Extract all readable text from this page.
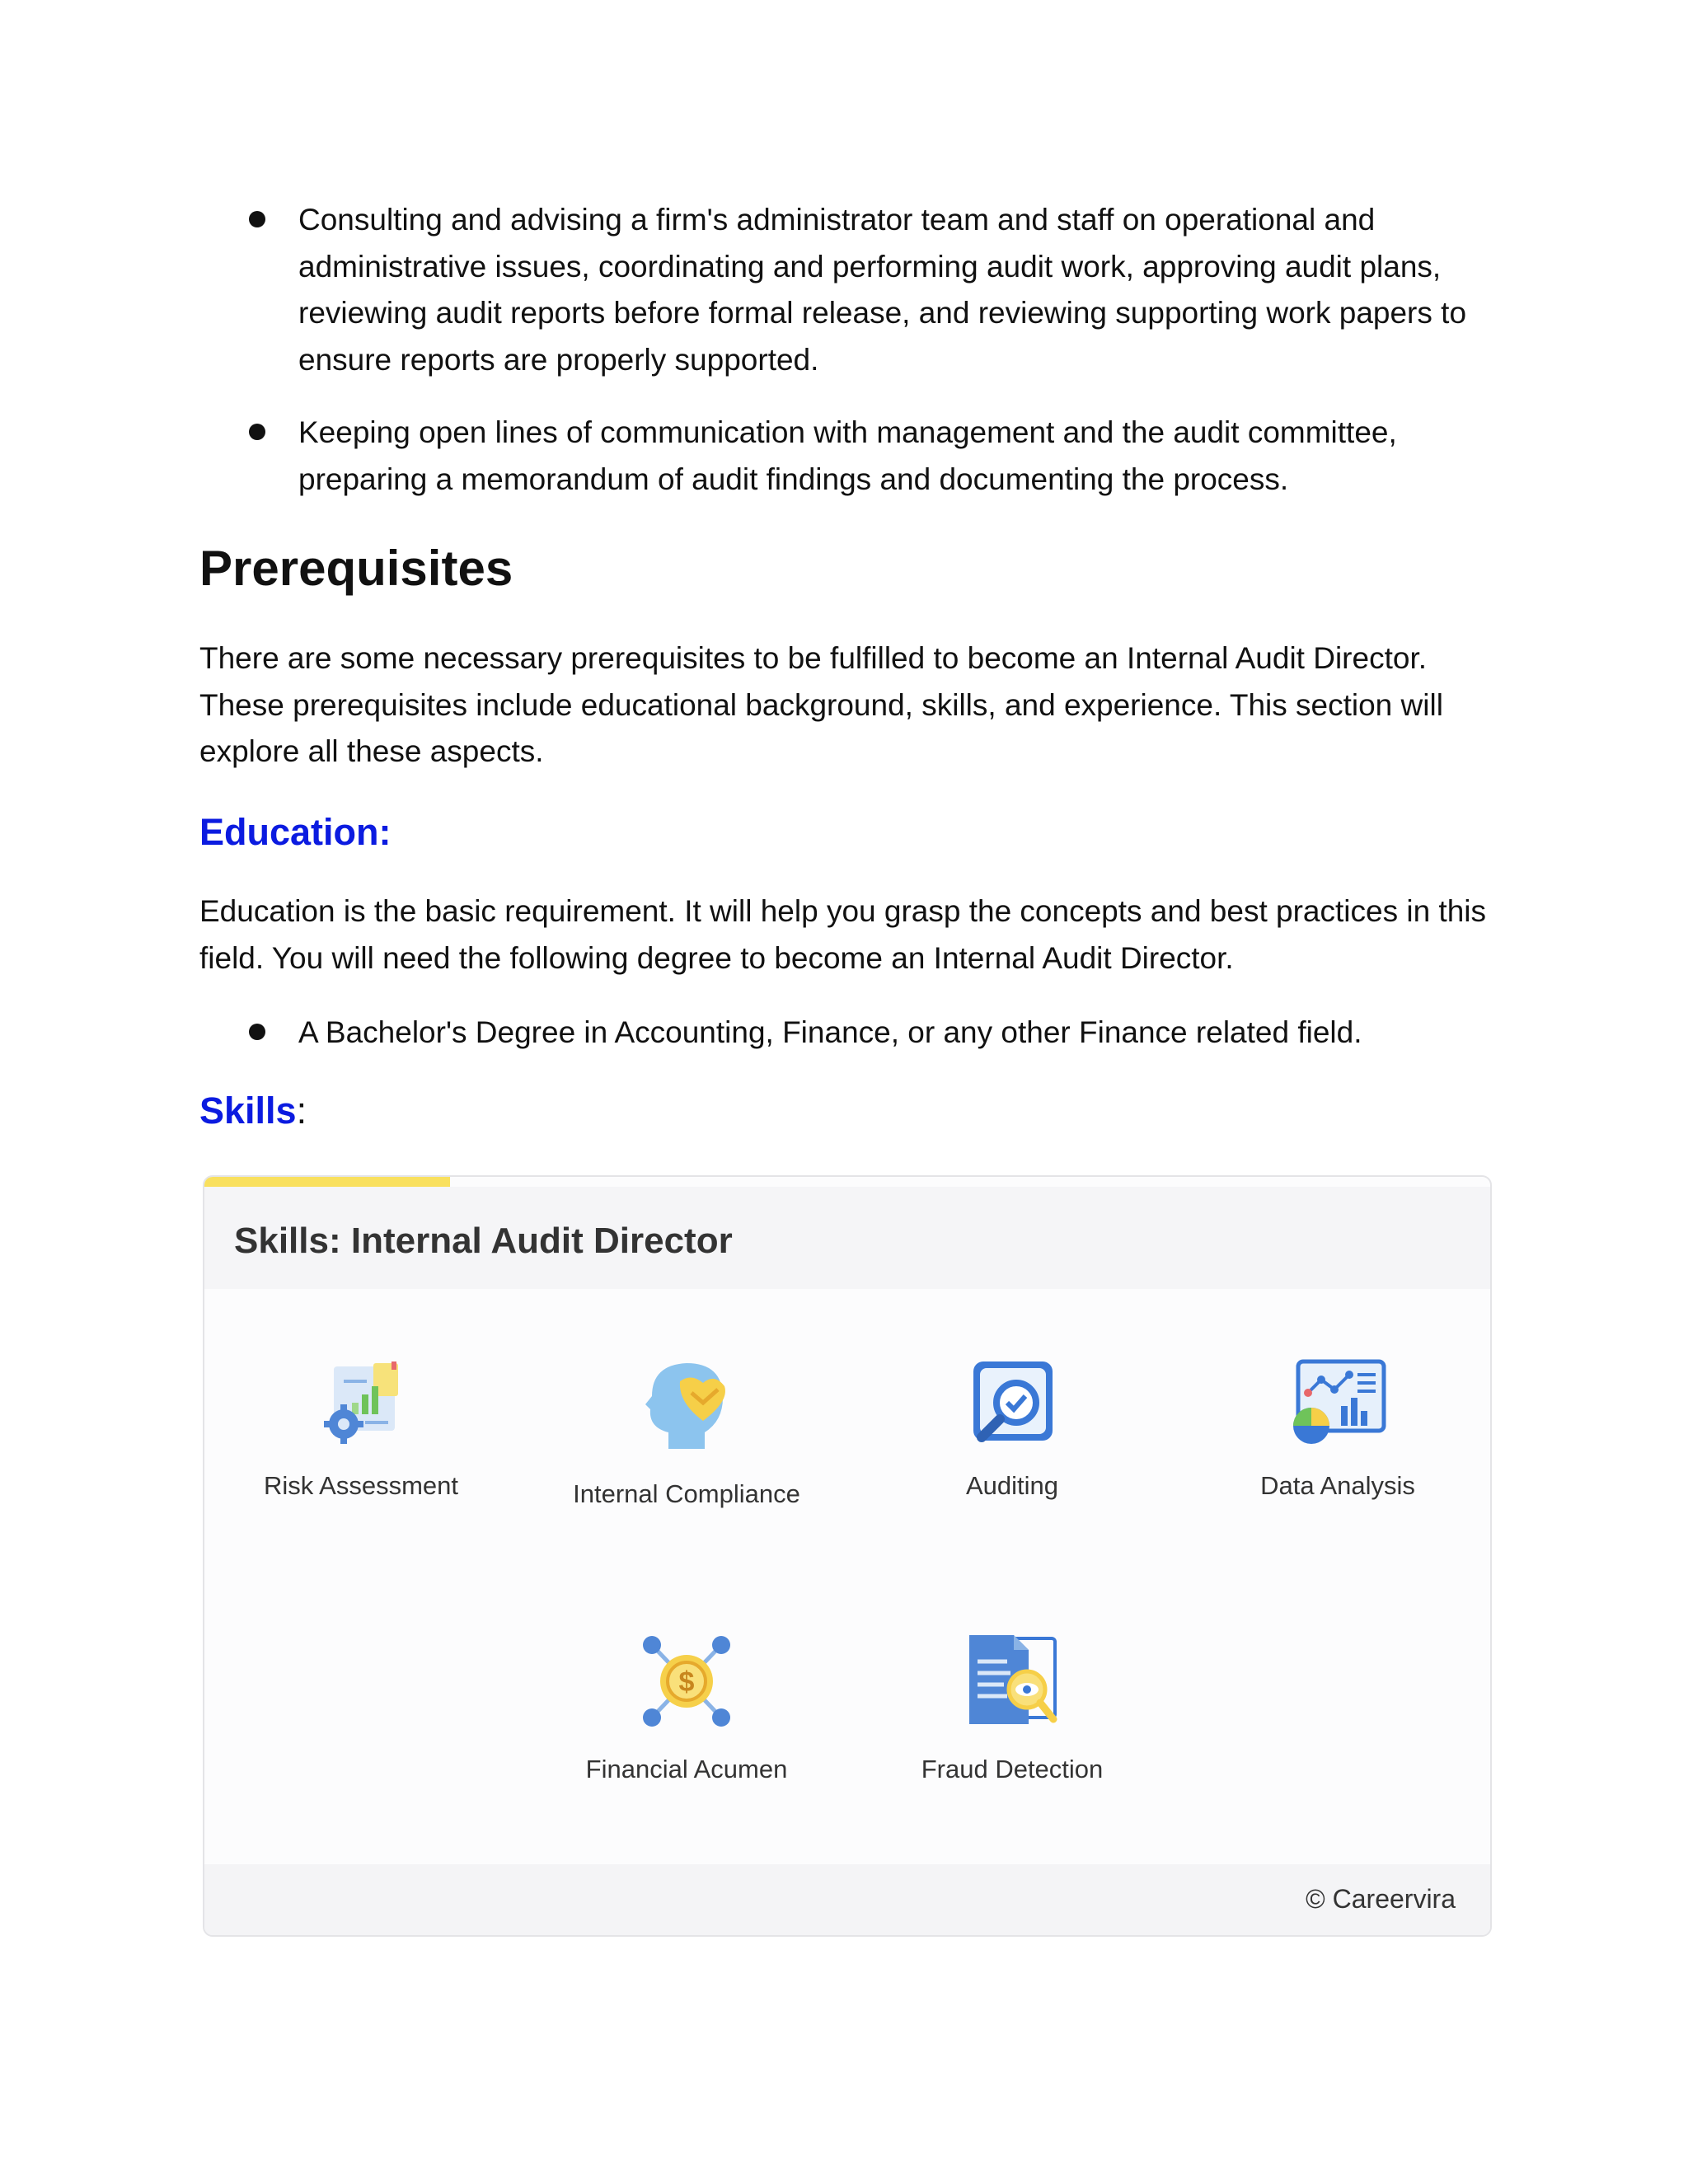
Consulting and advising a firm's administrator team and staff on operational and administrative issues, coordinating and performing audit work, approving audit plans, reviewing audit reports before formal release, and reviewing supporting work papers to ensure reports are properly supported.
Keeping open lines of communication with management and the audit committee, preparing a memorandum of audit findings and documenting the process.
Prerequisites

There are some necessary prerequisites to be fulfilled to become an Internal Audit Director. These prerequisites include educational background, skills, and experience. This section will explore all these aspects.

Education:

Education is the basic requirement. It will help you grasp the concepts and best practices in this field. You will need the following degree to become an Internal Audit Director.

A Bachelor's Degree in Accounting, Finance, or any other Finance related field.
Skills:
Skills: Internal Audit Director
Risk Assessment	Internal Compliance	Auditing	Data Analysis
$
Financial Acumen	Fraud Detection
© Careervira
